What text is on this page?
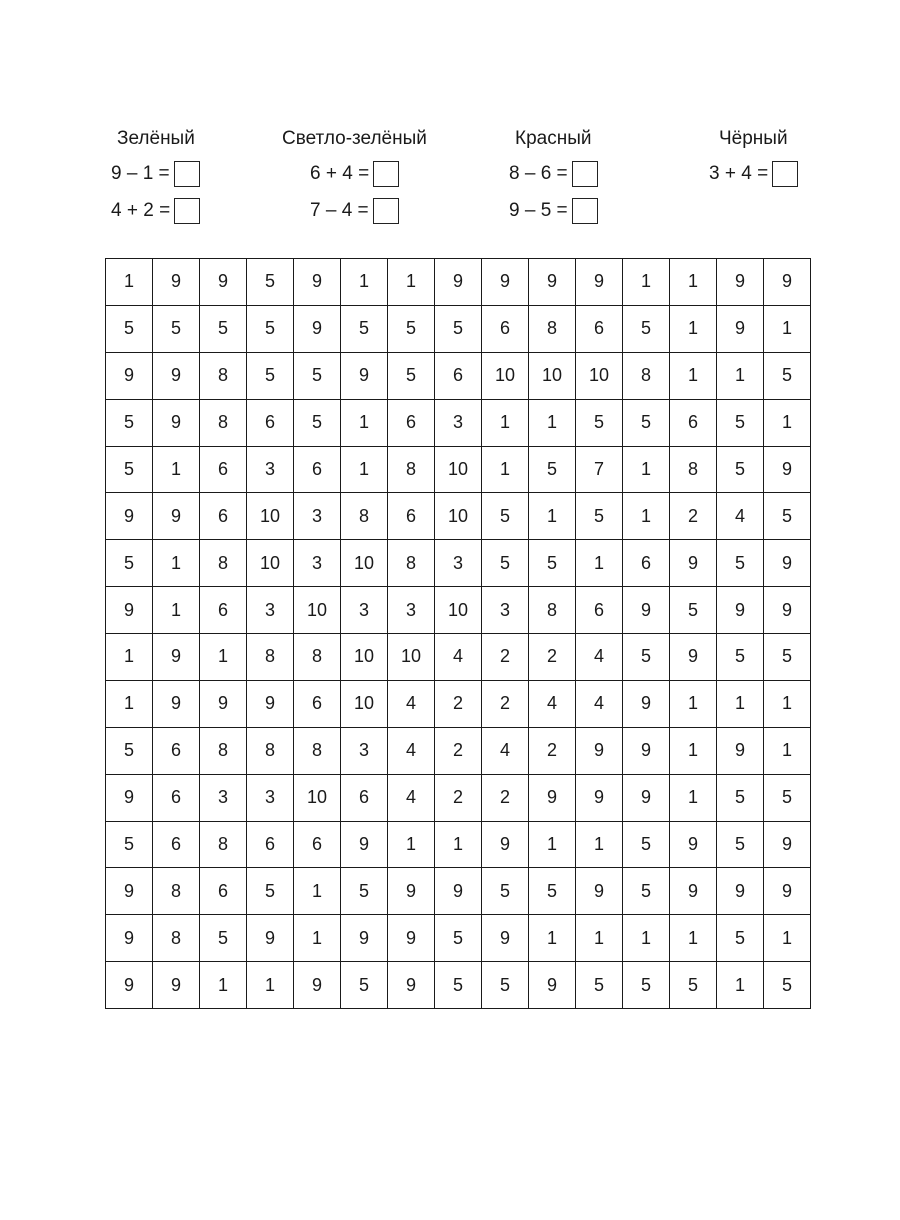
Зелёный
9 – 1 =
4 + 2 =
Светло-зелёный
6 + 4 =
7 – 4 =
Красный
8 – 6 =
9 – 5 =
Чёрный
3 + 4 =
1	9	9	5	9	1	1	9	9	9	9	1	1	9	9
5	5	5	5	9	5	5	5	6	8	6	5	1	9	1
9	9	8	5	5	9	5	6	10	10	10	8	1	1	5
5	9	8	6	5	1	6	3	1	1	5	5	6	5	1
5	1	6	3	6	1	8	10	1	5	7	1	8	5	9
9	9	6	10	3	8	6	10	5	1	5	1	2	4	5
5	1	8	10	3	10	8	3	5	5	1	6	9	5	9
9	1	6	3	10	3	3	10	3	8	6	9	5	9	9
1	9	1	8	8	10	10	4	2	2	4	5	9	5	5
1	9	9	9	6	10	4	2	2	4	4	9	1	1	1
5	6	8	8	8	3	4	2	4	2	9	9	1	9	1
9	6	3	3	10	6	4	2	2	9	9	9	1	5	5
5	6	8	6	6	9	1	1	9	1	1	5	9	5	9
9	8	6	5	1	5	9	9	5	5	9	5	9	9	9
9	8	5	9	1	9	9	5	9	1	1	1	1	5	1
9	9	1	1	9	5	9	5	5	9	5	5	5	1	5
